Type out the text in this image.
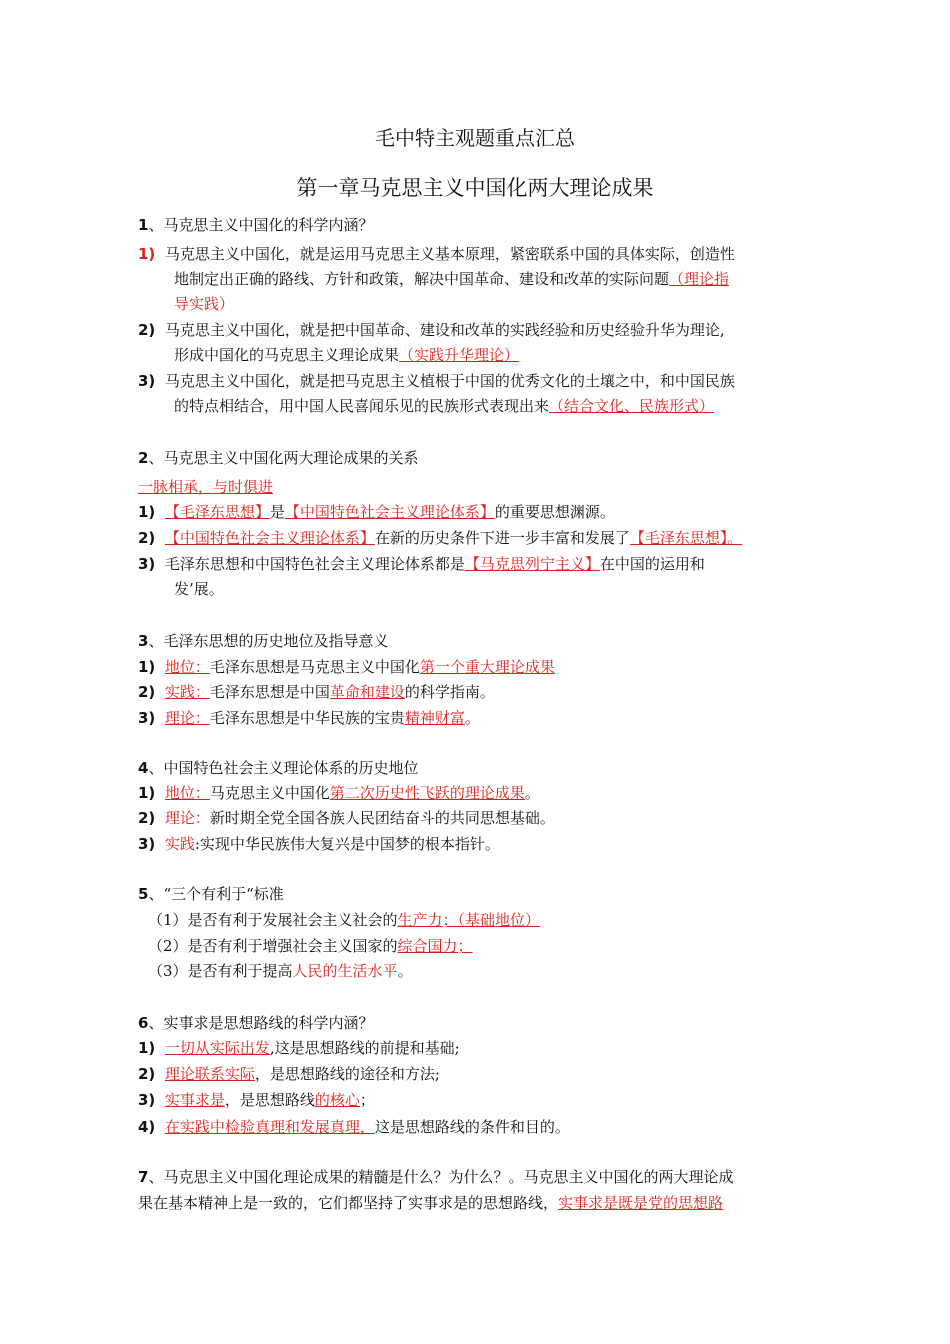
毛中特主观题重点汇总
第一章马克思主义中国化两大理论成果
1、马克思主义中国化的科学内涵？
1) 马克思主义中国化，就是运用马克思主义基本原理，紧密联系中国的具体实际，创造性
地制定出正确的路线、方针和政策，解决中国革命、建设和改革的实际问题（理论指
导实践）
2) 马克思主义中国化，就是把中国革命、建设和改革的实践经验和历史经验升华为理论,
形成中国化的马克思主义理论成果（实践升华理论）
3) 马克思主义中国化，就是把马克思主义植根于中国的优秀文化的土壤之中，和中国民族
的特点相结合，用中国人民喜闻乐见的民族形式表现出来（结合文化、民族形式）
2、马克思主义中国化两大理论成果的关系
一脉相承，与时俱进
1) 【毛泽东思想】是【中国特色社会主义理论体系】的重要思想渊源。
2) 【中国特色社会主义理论体系】在新的历史条件下进一步丰富和发展了【毛泽东思想】。
3) 毛泽东思想和中国特色社会主义理论体系都是【马克思列宁主义】在中国的运用和
发’展。
3、毛泽东思想的历史地位及指导意义
1) 地位：毛泽东思想是马克思主义中国化第一个重大理论成果
2) 实践：毛泽东思想是中国革命和建设的科学指南。
3) 理论：毛泽东思想是中华民族的宝贵精神财富。
4、中国特色社会主义理论体系的历史地位
1) 地位：马克思主义中国化第二次历史性飞跃的理论成果。
2) 理论：新时期全党全国各族人民团结奋斗的共同思想基础。
3) 实践:实现中华民族伟大复兴是中国梦的根本指针。
5、“三个有利于“标准
（1）是否有利于发展社会主义社会的生产力；（基础地位）
（2）是否有利于增强社会主义国家的综合国力；
（3）是否有利于提高人民的生活水平。
6、实事求是思想路线的科学内涵？
1) 一切从实际出发,这是思想路线的前提和基础;
2) 理论联系实际，是思想路线的途径和方法;
3) 实事求是，是思想路线的核心；
4) 在实践中检验真理和发展真理，这是思想路线的条件和目的。
7、马克思主义中国化理论成果的精髓是什么？为什么？。马克思主义中国化的两大理论成
果在基本精神上是一致的，它们都坚持了实事求是的思想路线，实事求是既是党的思想路
